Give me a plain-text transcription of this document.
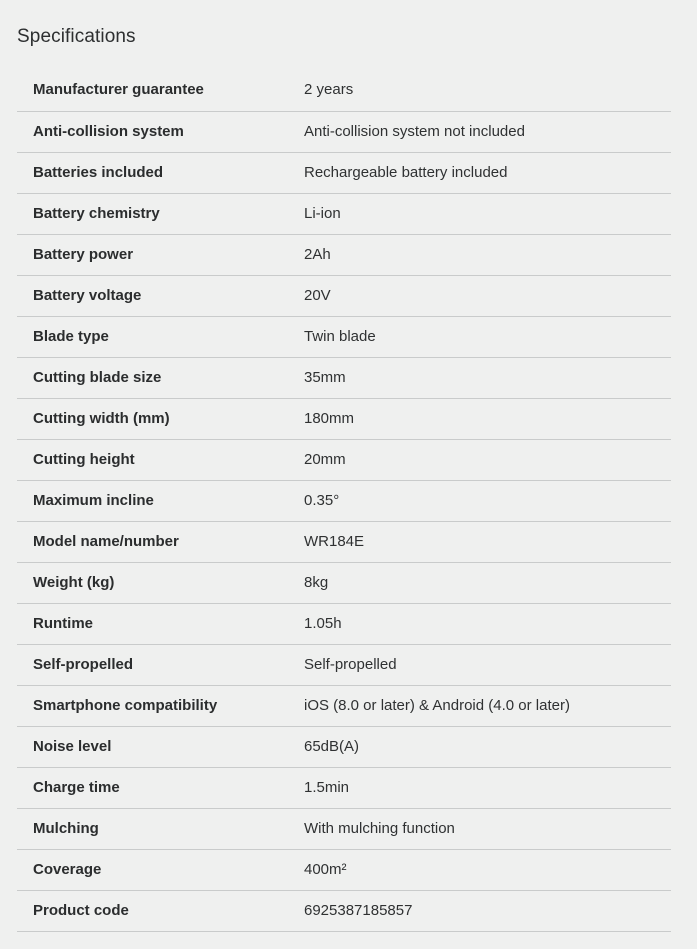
Specifications
Manufacturer guarantee	2 years
Anti-collision system	Anti-collision system not included
Batteries included	Rechargeable battery included
Battery chemistry	Li-ion
Battery power	2Ah
Battery voltage	20V
Blade type	Twin blade
Cutting blade size	35mm
Cutting width (mm)	180mm
Cutting height	20mm
Maximum incline	0.35°
Model name/number	WR184E
Weight (kg)	8kg
Runtime	1.05h
Self-propelled	Self-propelled
Smartphone compatibility	iOS (8.0 or later) & Android (4.0 or later)
Noise level	65dB(A)
Charge time	1.5min
Mulching	With mulching function
Coverage	400m²
Product code	6925387185857
